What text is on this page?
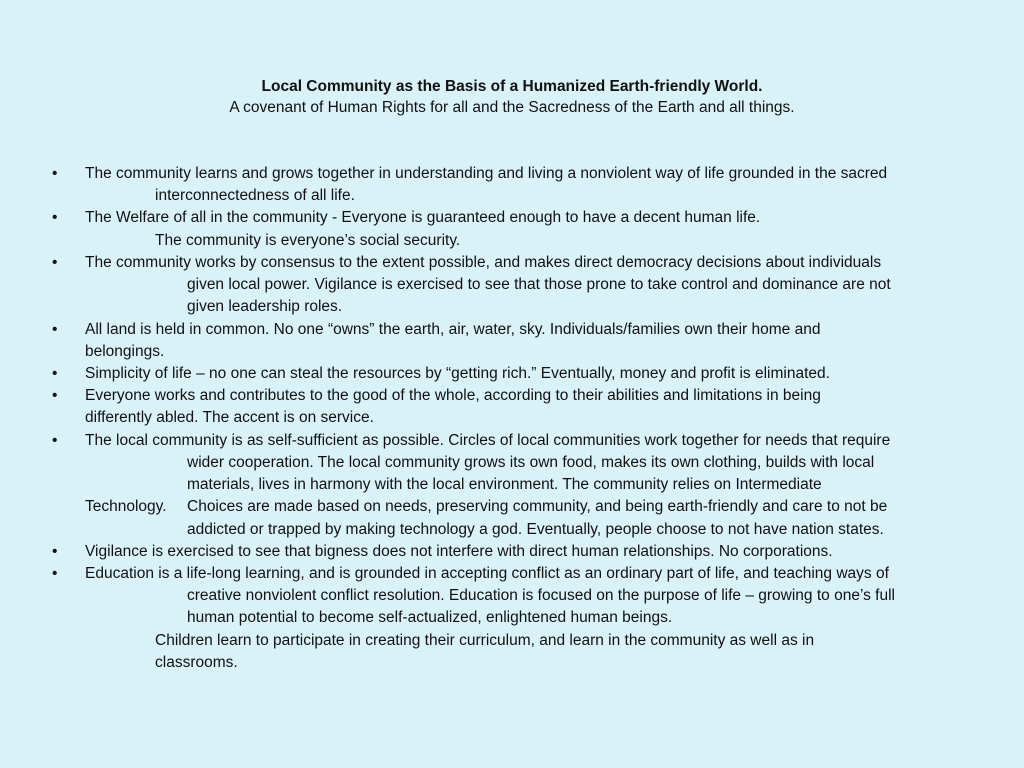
Local Community as the Basis of a Humanized Earth-friendly World.
A covenant of Human Rights for all and the Sacredness of the Earth and all things.
•
•
•
•
•
•
•
•
•
The community learns and grows together in understanding and living a nonviolent way of life grounded in the sacred
interconnectedness of all life.
The Welfare of all in the community - Everyone is guaranteed enough to have a decent human life.
The community is everyone’s social security.
The community works by consensus to the extent possible, and makes direct democracy decisions about individuals
given local power. Vigilance is exercised to see that those prone to take control and dominance are not
given leadership roles.
All land is held in common. No one “owns” the earth, air, water, sky. Individuals/families own their home and
belongings.
Simplicity of life – no one can steal the resources by “getting rich.” Eventually, money and profit is eliminated.
Everyone works and contributes to the good of the whole, according to their abilities and limitations in being
differently abled. The accent is on service.
The local community is as self-sufficient as possible. Circles of local communities work together for needs that require
wider cooperation. The local community grows its own food, makes its own clothing, builds with local
materials, lives in harmony with the local environment. The community relies on Intermediate
Technology. Choices are made based on needs, preserving community, and being earth-friendly and care to not be
addicted or trapped by making technology a god. Eventually, people choose to not have nation states.
Vigilance is exercised to see that bigness does not interfere with direct human relationships. No corporations.
Education is a life-long learning, and is grounded in accepting conflict as an ordinary part of life, and teaching ways of
creative nonviolent conflict resolution. Education is focused on the purpose of life – growing to one’s full
human potential to become self-actualized, enlightened human beings.
Children learn to participate in creating their curriculum, and learn in the community as well as in
classrooms.
